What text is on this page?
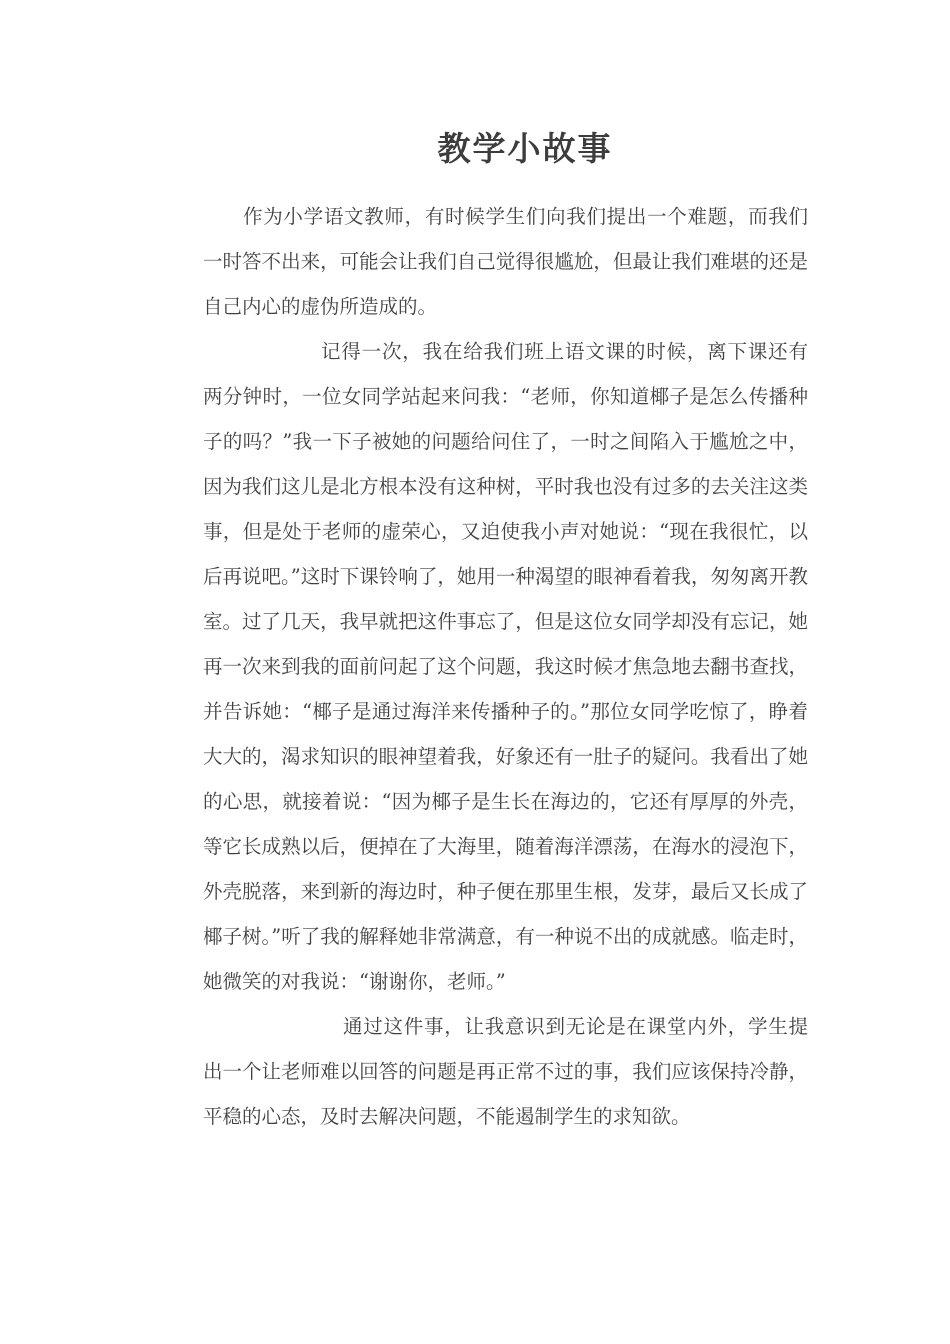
教学小故事

作为小学语文教师，有时候学生们向我们提出一个难题，而我们一时答不出来，可能会让我们自己觉得很尴尬，但最让我们难堪的还是自己内心的虚伪所造成的。

记得一次，我在给我们班上语文课的时候，离下课还有两分钟时，一位女同学站起来问我：“老师，你知道椰子是怎么传播种子的吗？”我一下子被她的问题给问住了，一时之间陷入于尴尬之中，因为我们这儿是北方根本没有这种树，平时我也没有过多的去关注这类事，但是处于老师的虚荣心，又迫使我小声对她说：“现在我很忙，以后再说吧。”这时下课铃响了，她用一种渴望的眼神看着我，匆匆离开教室。过了几天，我早就把这件事忘了，但是这位女同学却没有忘记，她再一次来到我的面前问起了这个问题，我这时候才焦急地去翻书查找，并告诉她：“椰子是通过海洋来传播种子的。”那位女同学吃惊了，睁着大大的，渴求知识的眼神望着我，好象还有一肚子的疑问。我看出了她的心思，就接着说：“因为椰子是生长在海边的，它还有厚厚的外壳，等它长成熟以后，便掉在了大海里，随着海洋漂荡，在海水的浸泡下，外壳脱落，来到新的海边时，种子便在那里生根，发芽，最后又长成了椰子树。”听了我的解释她非常满意，有一种说不出的成就感。临走时，她微笑的对我说：“谢谢你，老师。”

通过这件事，让我意识到无论是在课堂内外，学生提出一个让老师难以回答的问题是再正常不过的事，我们应该保持冷静，平稳的心态，及时去解决问题，不能遏制学生的求知欲。
